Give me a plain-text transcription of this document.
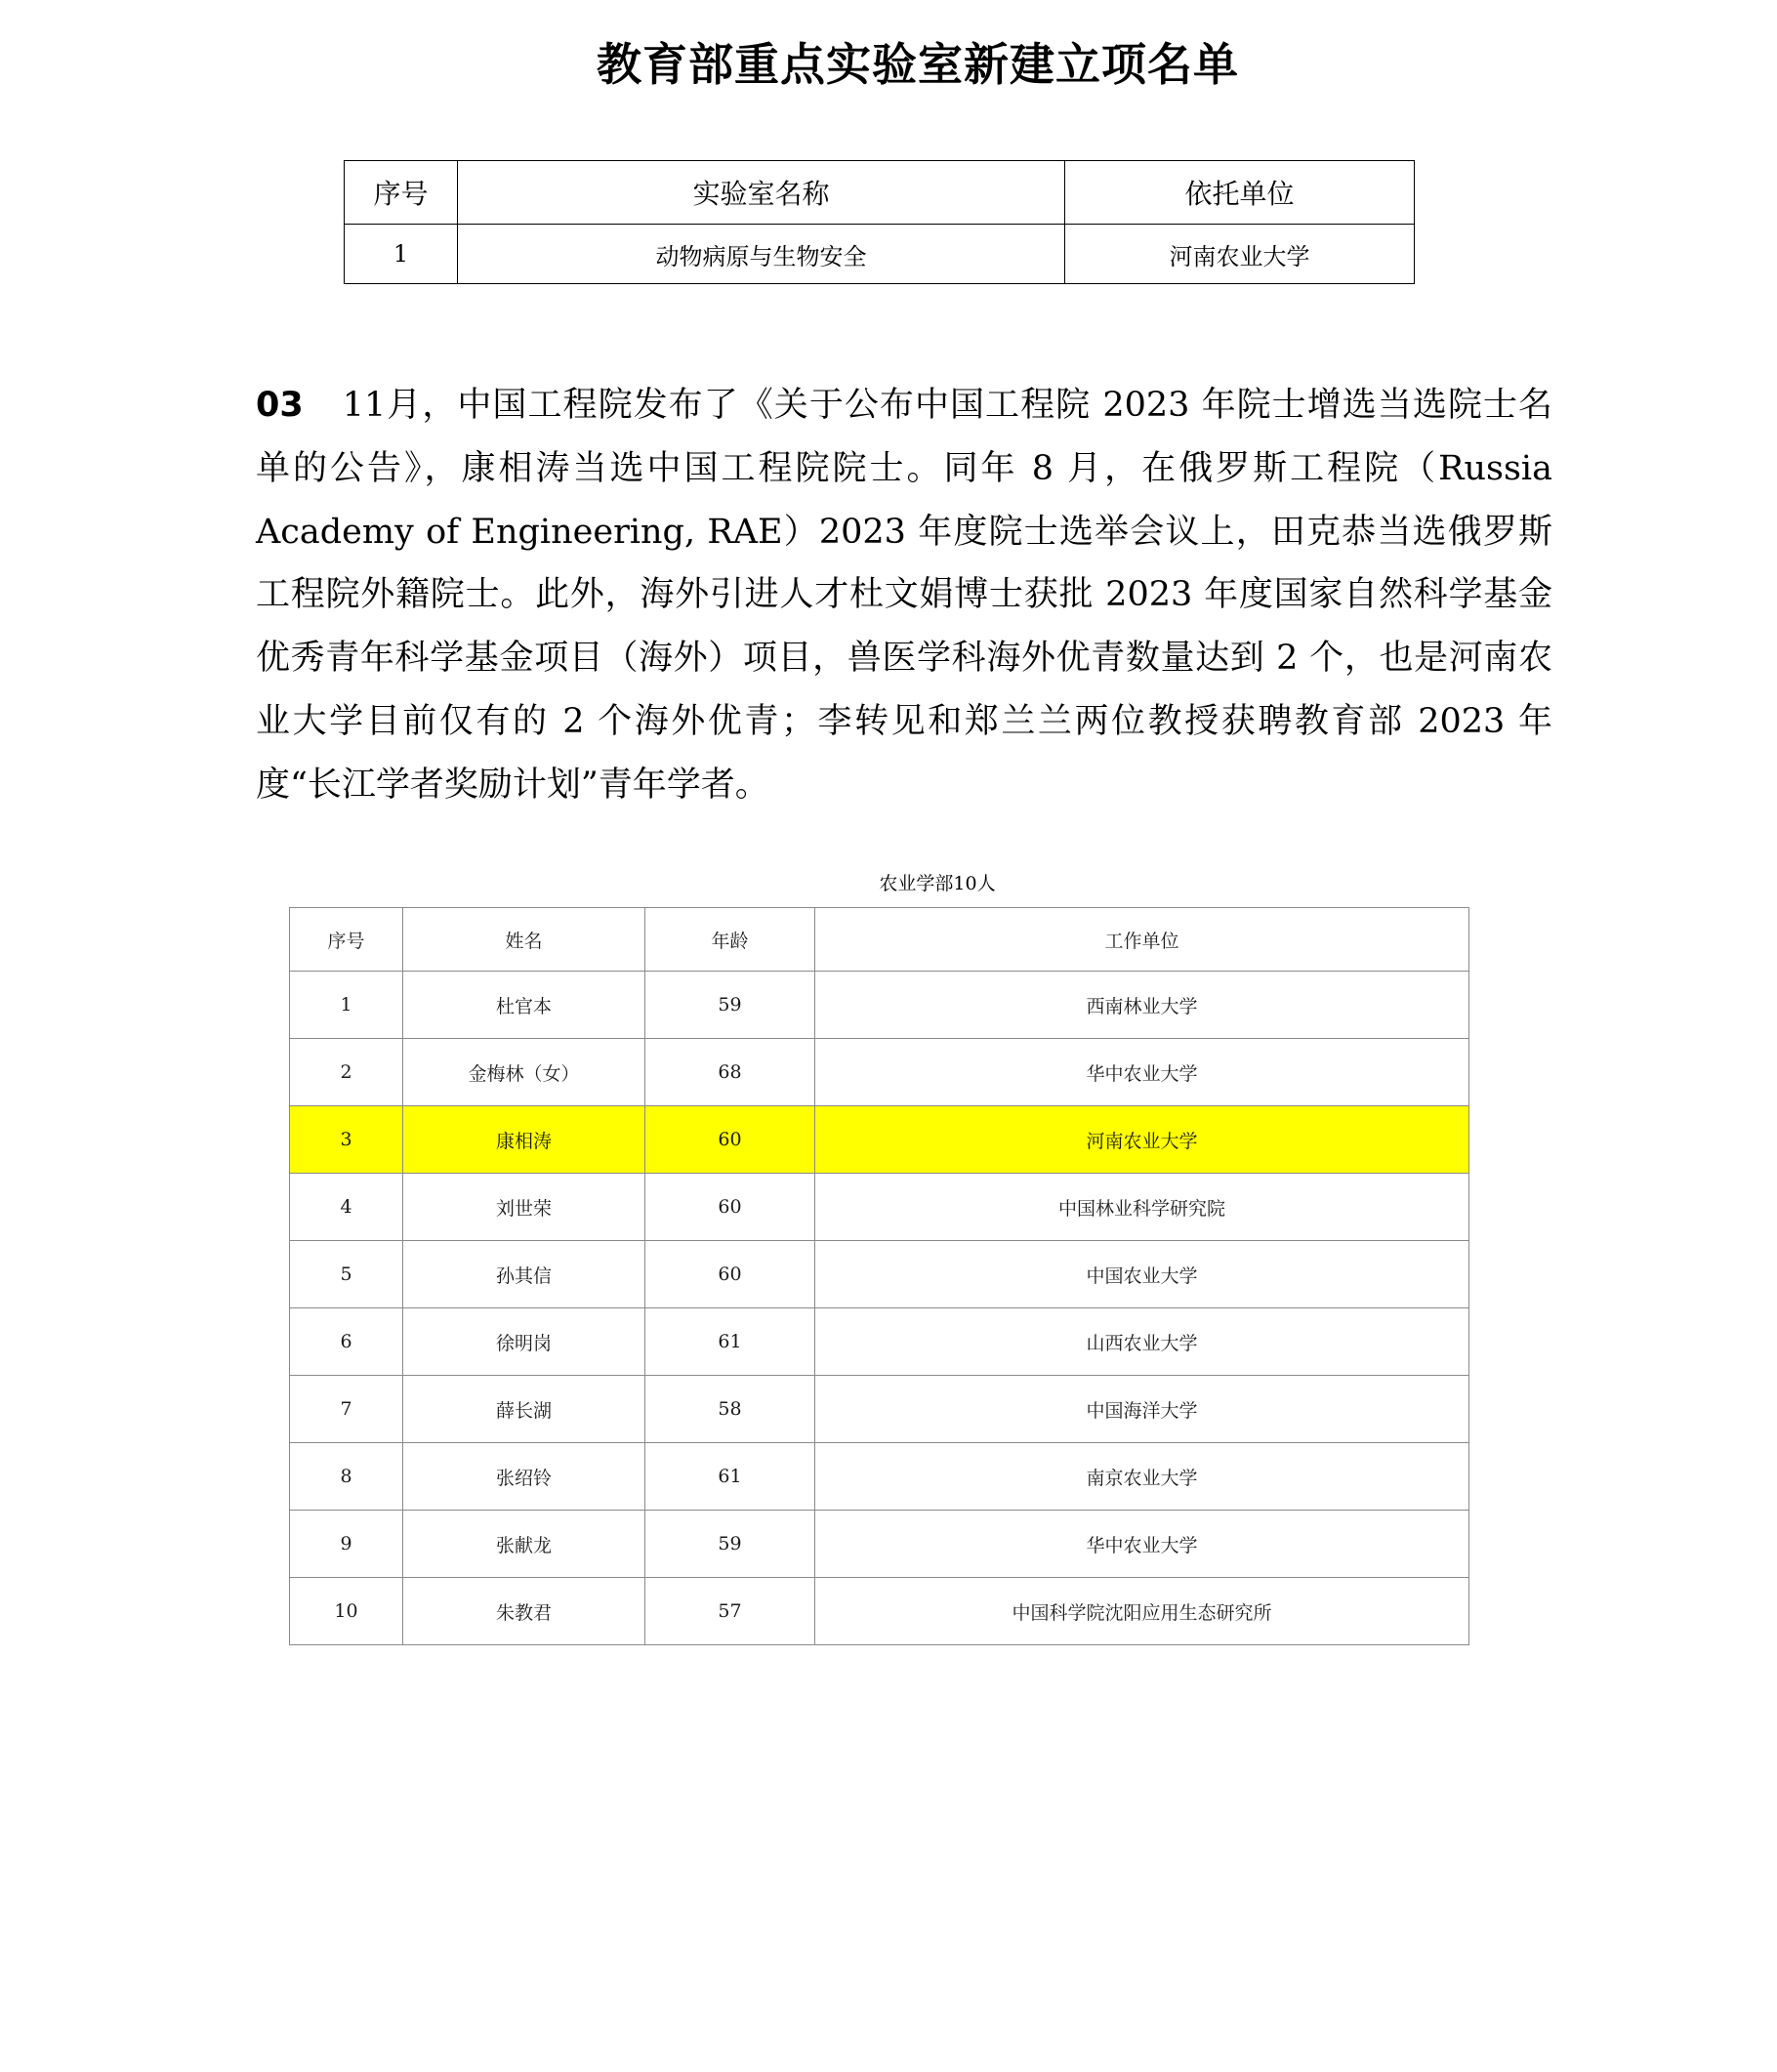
教育部重点实验室新建立项名单
序号	实验室名称	依托单位
1	动物病原与生物安全	河南农业大学

03 11月，中国工程院发布了《关于公布中国工程院 2023 年院士增选当选院士名单的公告》，康相涛当选中国工程院院士。同年 8 月，在俄罗斯工程院（Russia Academy of Engineering, RAE）2023 年度院士选举会议上，田克恭当选俄罗斯工程院外籍院士。此外，海外引进人才杜文娟博士获批 2023 年度国家自然科学基金优秀青年科学基金项目（海外）项目，兽医学科海外优青数量达到 2 个，也是河南农业大学目前仅有的 2 个海外优青；李转见和郑兰兰两位教授获聘教育部 2023 年度“长江学者奖励计划”青年学者。

农业学部10人
序号	姓名	年龄	工作单位
1	杜官本	59	西南林业大学
2	金梅林（女）	68	华中农业大学
3	康相涛	60	河南农业大学
4	刘世荣	60	中国林业科学研究院
5	孙其信	60	中国农业大学
6	徐明岗	61	山西农业大学
7	薛长湖	58	中国海洋大学
8	张绍铃	61	南京农业大学
9	张献龙	59	华中农业大学
10	朱教君	57	中国科学院沈阳应用生态研究所
